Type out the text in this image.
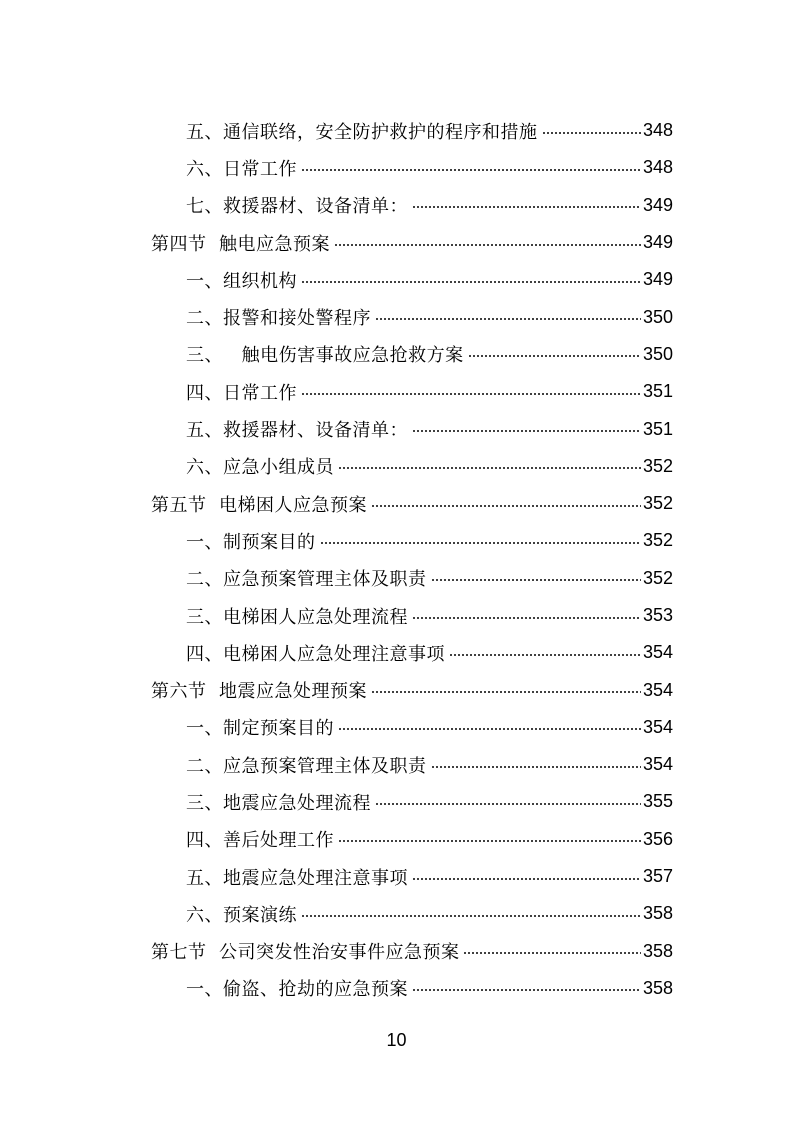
五、通信联络，安全防护救护的程序和措施	348
六、日常工作	348
七、救援器材、设备清单：	349
第四节  触电应急预案	349
一、组织机构	349
二、报警和接处警程序	350
三、   触电伤害事故应急抢救方案	350
四、日常工作	351
五、救援器材、设备清单：	351
六、应急小组成员	352
第五节  电梯困人应急预案	352
一、制预案目的	352
二、应急预案管理主体及职责	352
三、电梯困人应急处理流程	353
四、电梯困人应急处理注意事项	354
第六节  地震应急处理预案	354
一、制定预案目的	354
二、应急预案管理主体及职责	354
三、地震应急处理流程	355
四、善后处理工作	356
五、地震应急处理注意事项	357
六、预案演练	358
第七节  公司突发性治安事件应急预案	358
一、偷盗、抢劫的应急预案	358
10
